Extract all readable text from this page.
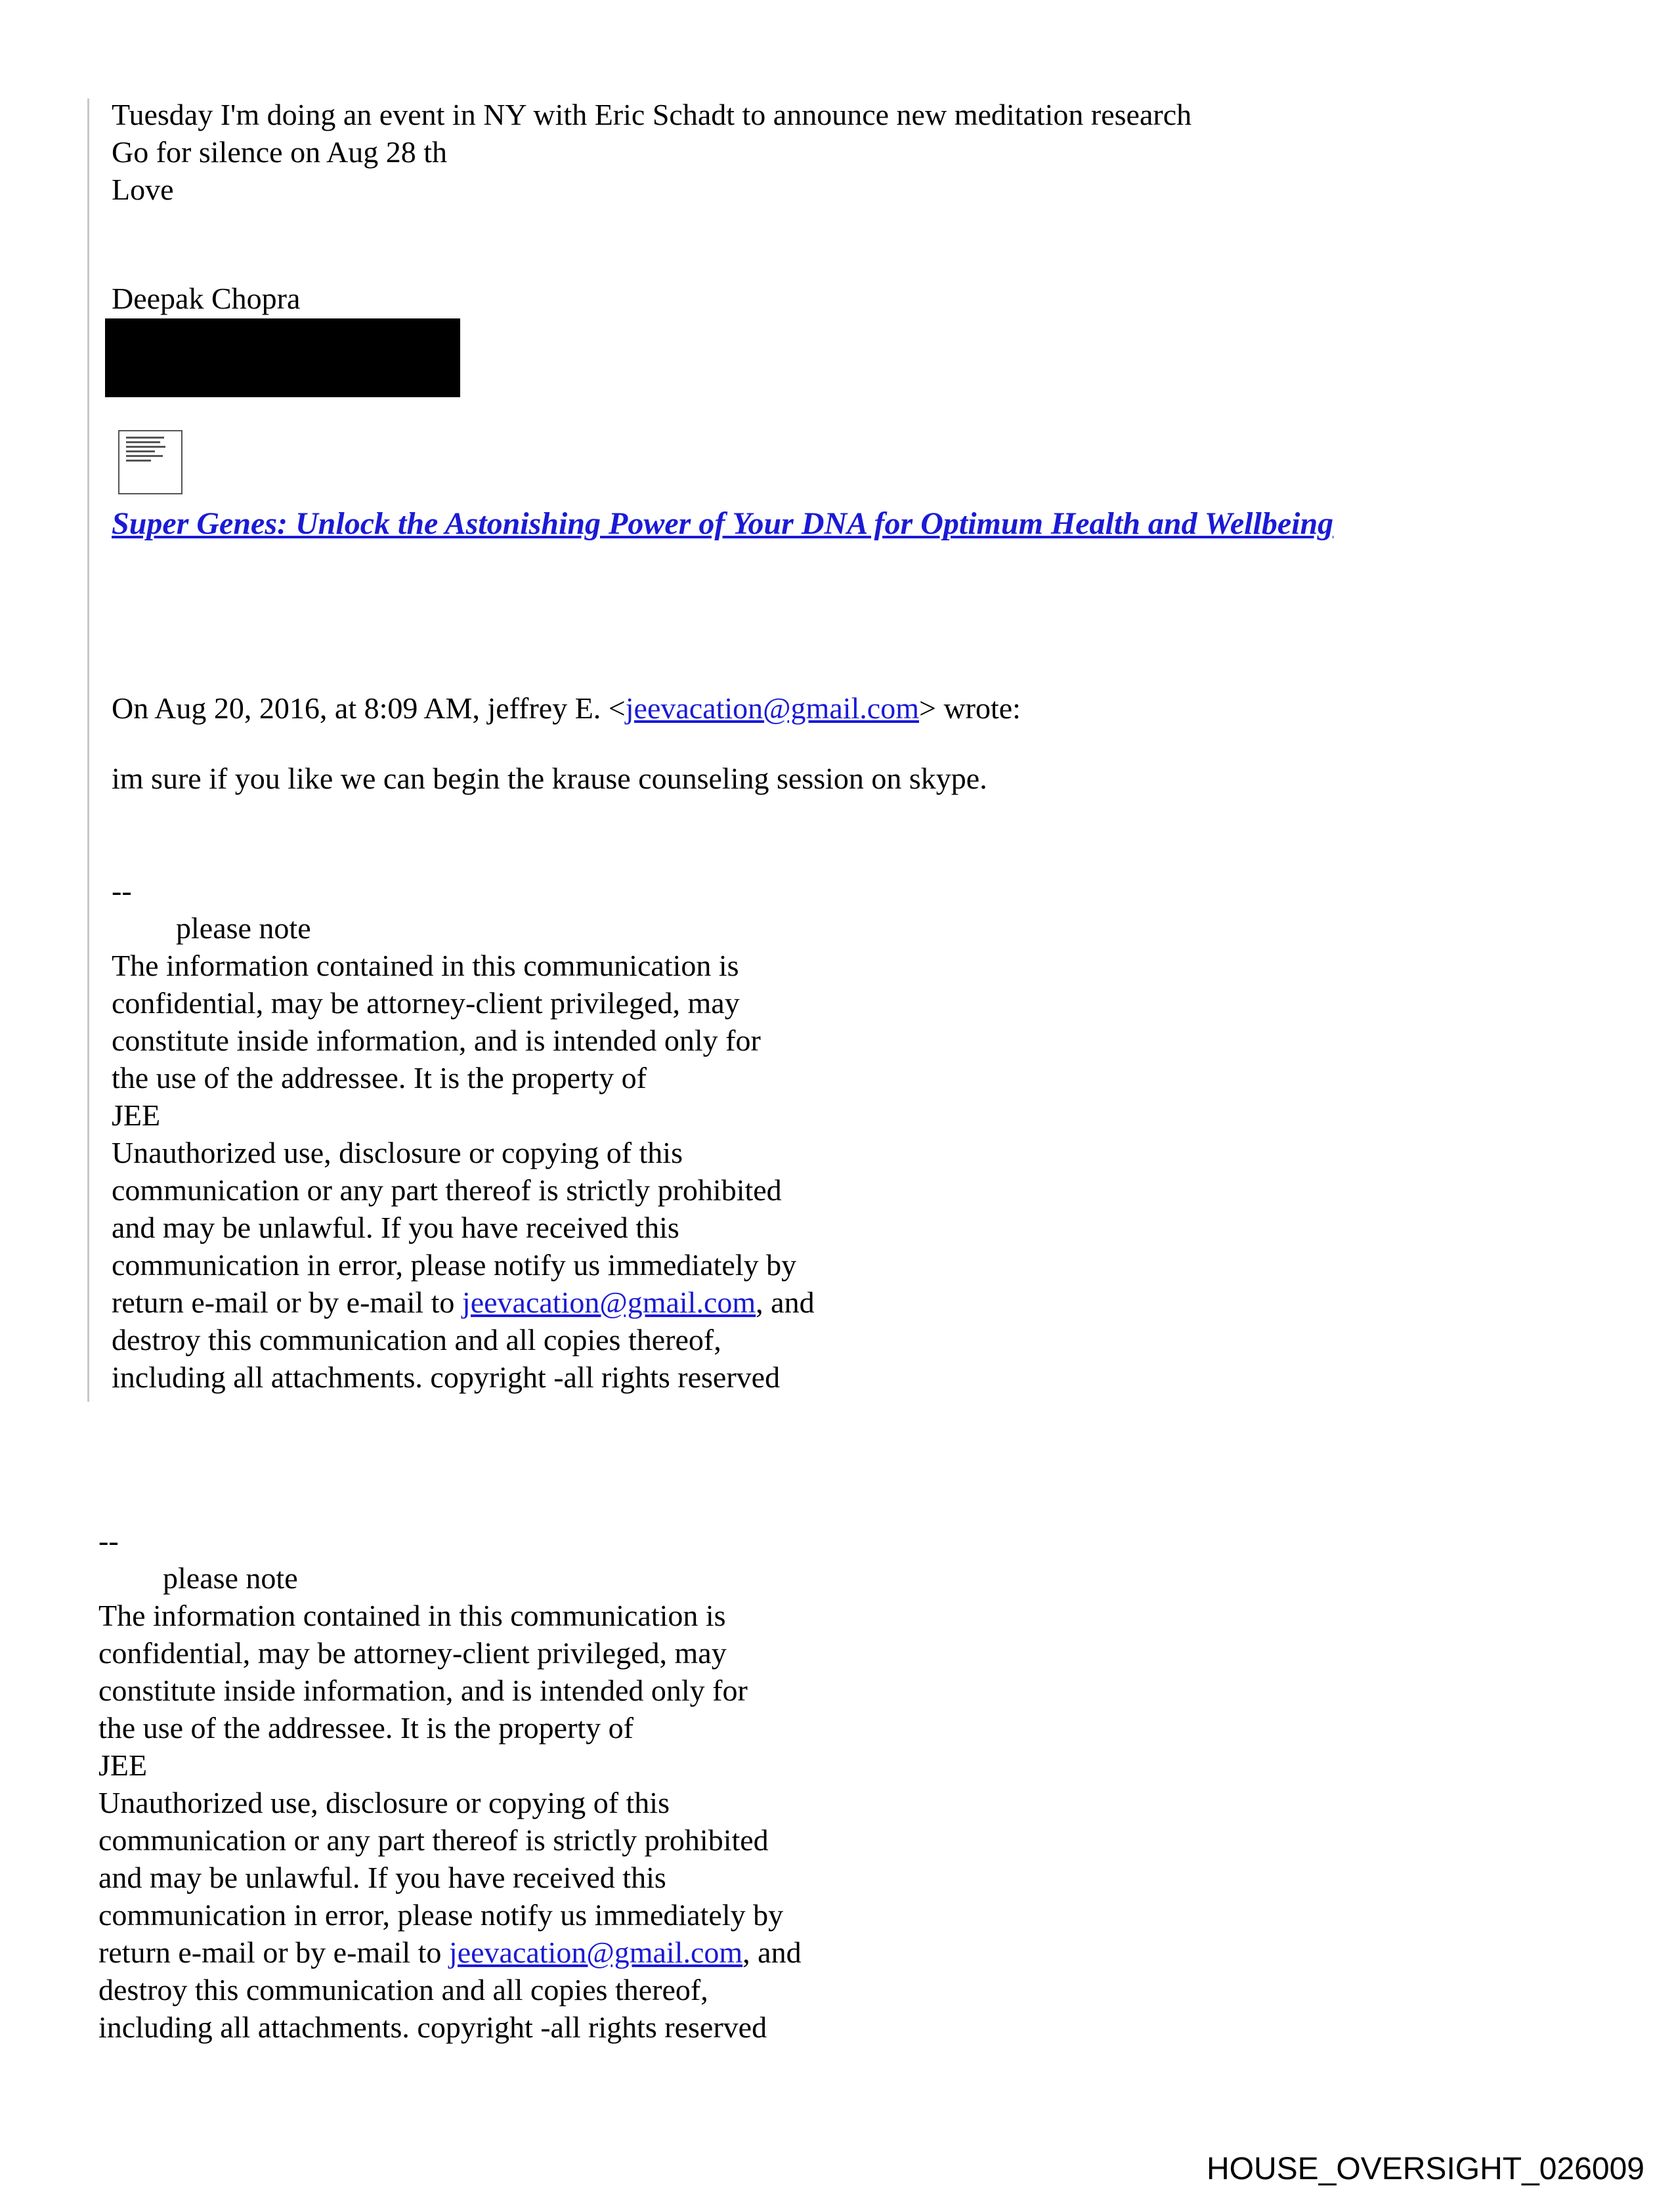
Tuesday I'm doing an event in NY with Eric Schadt to announce new meditation research
Go for silence on Aug 28 th
Love
Deepak Chopra
Super Genes: Unlock the Astonishing Power of Your DNA for Optimum Health and Wellbeing
On Aug 20, 2016, at 8:09 AM, jeffrey E. <jeevacation@gmail.com> wrote:
im sure if you like we can begin the krause counseling session on skype.
--
please note
The information contained in this communication is
confidential, may be attorney-client privileged, may
constitute inside information, and is intended only for
the use of the addressee. It is the property of
JEE
Unauthorized use, disclosure or copying of this
communication or any part thereof is strictly prohibited
and may be unlawful. If you have received this
communication in error, please notify us immediately by
return e-mail or by e-mail to jeevacation@gmail.com, and
destroy this communication and all copies thereof,
including all attachments. copyright -all rights reserved
--
please note
The information contained in this communication is
confidential, may be attorney-client privileged, may
constitute inside information, and is intended only for
the use of the addressee. It is the property of
JEE
Unauthorized use, disclosure or copying of this
communication or any part thereof is strictly prohibited
and may be unlawful. If you have received this
communication in error, please notify us immediately by
return e-mail or by e-mail to jeevacation@gmail.com, and
destroy this communication and all copies thereof,
including all attachments. copyright -all rights reserved
HOUSE_OVERSIGHT_026009
